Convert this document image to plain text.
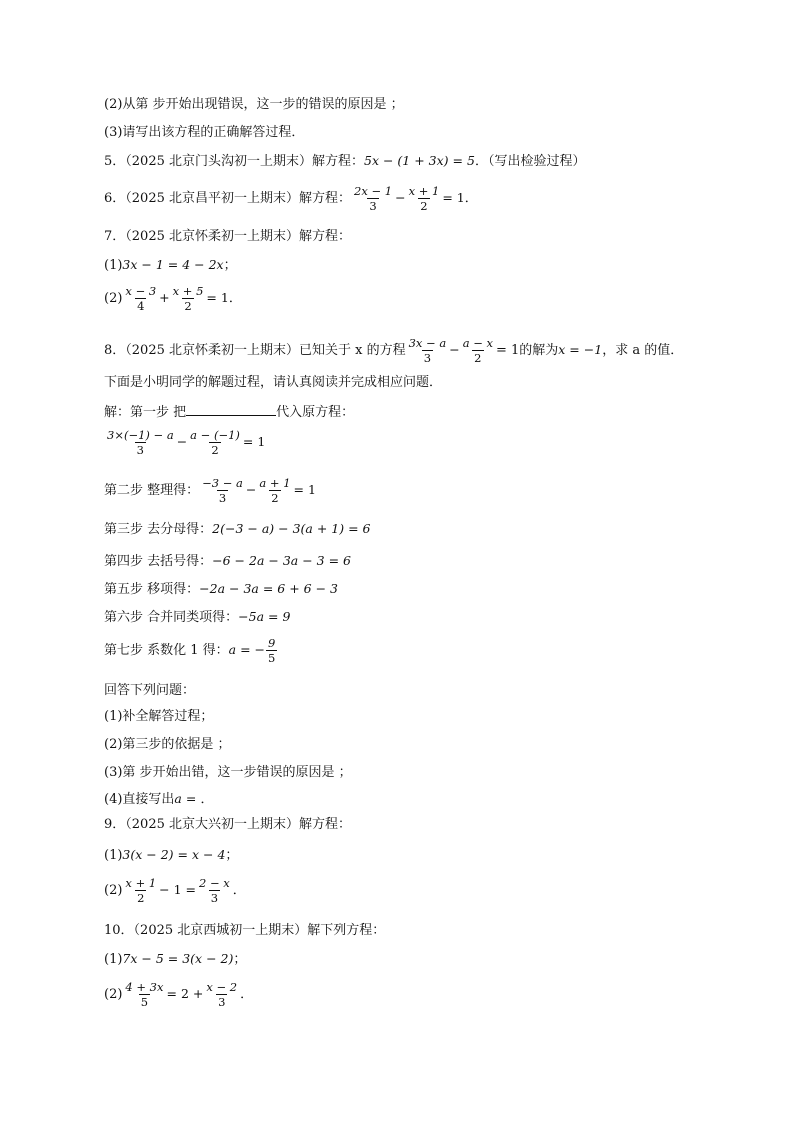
(2)从第 步开始出现错误，这一步的错误的原因是 ；
(3)请写出该方程的正确解答过程．
5．（2025 北京门头沟初一上期末）解方程：5x − (1 + 3x) = 5．（写出检验过程）
6．（2025 北京昌平初一上期末）解方程： $\frac{2x - 1}{3} - \frac{x + 1}{2} = 1$．
7．（2025 北京怀柔初一上期末）解方程：
(1)3x − 1 = 4 − 2x；
$(2) \frac{x - 3}{4} + \frac{x + 5}{2} = 1$．
8．（2025 北京怀柔初一上期末）已知关于 x 的方程 $\frac{3x - a}{3} - \frac{a - x}{2} = 1$的解为x = −1，求 a 的值．
下面是小明同学的解题过程，请认真阅读并完成相应问题．
解：第一步 把	代入原方程：
$\frac{3\times(-1) - a}{3} - \frac{a - (-1)}{2} = 1$
第二步 整理得： $\frac{-3 - a}{3} - \frac{a + 1}{2} = 1$
第三步 去分母得：2(−3 − a) − 3(a + 1) = 6
第四步 去括号得：−6 − 2a − 3a − 3 = 6
第五步 移项得：−2a − 3a = 6 + 6 − 3
第六步 合并同类项得：−5a = 9
第七步 系数化 1 得：a = − $\frac{9}{5}$
回答下列问题：
(1)补全解答过程；
(2)第三步的依据是 ；
(3)第 步开始出错，这一步错误的原因是 ；
(4)直接写出a = ．
9．（2025 北京大兴初一上期末）解方程：
(1)3(x − 2) = x − 4；
$(2) \frac{x + 1}{2} - 1 = \frac{2 - x}{3}$ ．
10．（2025 北京西城初一上期末）解下列方程：
(1)7x − 5 = 3(x − 2)；
$(2) \frac{4 + 3x}{5} = 2 + \frac{x - 2}{3}$ ．
